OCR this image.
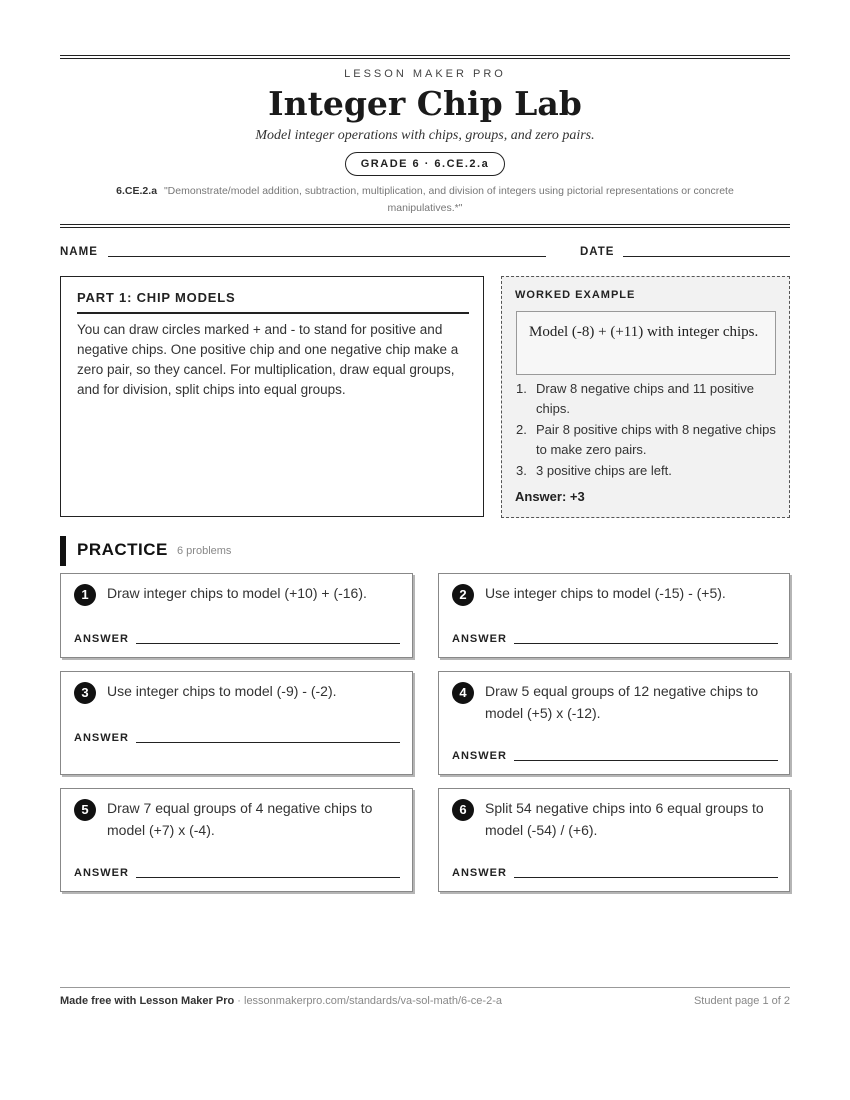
LESSON MAKER PRO
Integer Chip Lab
Model integer operations with chips, groups, and zero pairs.
GRADE 6 · 6.CE.2.a
6.CE.2.a "Demonstrate/model addition, subtraction, multiplication, and division of integers using pictorial representations or concrete manipulatives.*"
NAME	DATE
PART 1: CHIP MODELS
You can draw circles marked + and - to stand for positive and negative chips. One positive chip and one negative chip make a zero pair, so they cancel. For multiplication, draw equal groups, and for division, split chips into equal groups.
WORKED EXAMPLE
Model (-8) + (+11) with integer chips.
1. Draw 8 negative chips and 11 positive chips.
2. Pair 8 positive chips with 8 negative chips to make zero pairs.
3. 3 positive chips are left.
Answer: +3
PRACTICE 6 problems
1	Draw integer chips to model (+10) + (-16).
ANSWER
2	Use integer chips to model (-15) - (+5).
ANSWER
3	Use integer chips to model (-9) - (-2).
ANSWER
4	Draw 5 equal groups of 12 negative chips to model (+5) x (-12).
ANSWER
5	Draw 7 equal groups of 4 negative chips to model (+7) x (-4).
ANSWER
6	Split 54 negative chips into 6 equal groups to model (-54) / (+6).
ANSWER
Made free with Lesson Maker Pro · lessonmakerpro.com/standards/va-sol-math/6-ce-2-a	Student page 1 of 2
